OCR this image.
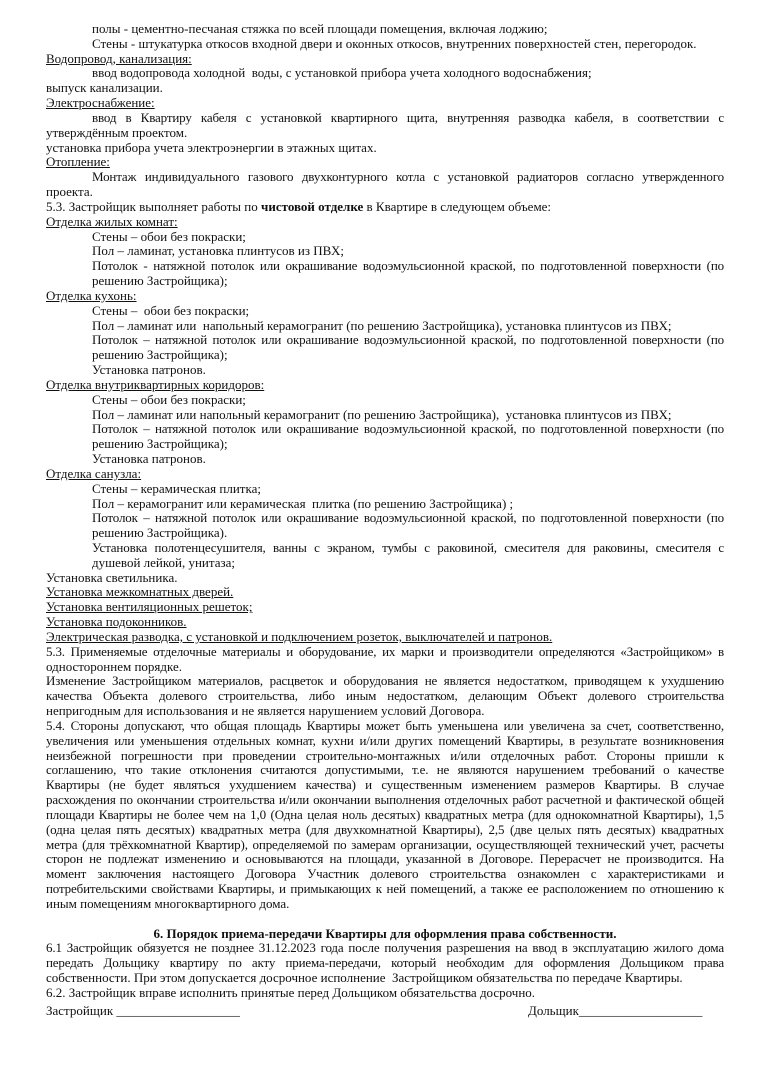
полы - цементно-песчаная стяжка по всей площади помещения, включая лоджию;
Стены - штукатурка откосов входной двери и оконных откосов, внутренних поверхностей стен, перегородок.
Водопровод, канализация:
ввод водопровода холодной  воды, с установкой прибора учета холодного водоснабжения;
выпуск канализации.
Электроснабжение:
ввод в Квартиру кабеля с установкой квартирного щита, внутренняя разводка кабеля, в соответствии с
утверждённым проектом.
установка прибора учета электроэнергии в этажных щитах.
Отопление:
Монтаж индивидуального газового двухконтурного котла с установкой радиаторов согласно утвержденного
проекта.
5.3. Застройщик выполняет работы по чистовой отделке в Квартире в следующем объеме:
Отделка жилых комнат:
Стены – обои без покраски;
Пол – ламинат, установка плинтусов из ПВХ;
Потолок - натяжной потолок или окрашивание водоэмульсионной краской, по подготовленной поверхности (по
решению Застройщика);
Отделка кухонь:
Стены –  обои без покраски;
Пол – ламинат или  напольный керамогранит (по решению Застройщика), установка плинтусов из ПВХ;
Потолок – натяжной потолок или окрашивание водоэмульсионной краской, по подготовленной поверхности (по
решению Застройщика);
Установка патронов.
Отделка внутриквартирных коридоров:
Стены – обои без покраски;
Пол – ламинат или напольный керамогранит (по решению Застройщика),  установка плинтусов из ПВХ;
Потолок – натяжной потолок или окрашивание водоэмульсионной краской, по подготовленной поверхности (по
решению Застройщика);
Установка патронов.
Отделка санузла:
Стены – керамическая плитка;
Пол – керамогранит или керамическая  плитка (по решению Застройщика) ;
Потолок – натяжной потолок или окрашивание водоэмульсионной краской, по подготовленной поверхности (по
решению Застройщика).
Установка полотенцесушителя, ванны с экраном, тумбы с раковиной, смесителя для раковины, смесителя с
душевой лейкой, унитаза;
Установка светильника.
Установка межкомнатных дверей.
Установка вентиляционных решеток;
Установка подоконников.
Электрическая разводка, с установкой и подключением розеток, выключателей и патронов.
5.3. Применяемые отделочные материалы и оборудование, их марки и производители определяются «Застройщиком» в
одностороннем порядке.
Изменение Застройщиком материалов, расцветок и оборудования не является недостатком, приводящем к ухудшению
качества Объекта долевого строительства, либо иным недостатком, делающим Объект долевого строительства
непригодным для использования и не является нарушением условий Договора.
5.4. Стороны допускают, что общая площадь Квартиры может быть уменьшена или увеличена за счет, соответственно,
увеличения или уменьшения отдельных комнат, кухни и/или других помещений Квартиры, в результате возникновения
неизбежной погрешности при проведении строительно-монтажных и/или отделочных работ. Стороны пришли к
соглашению, что такие отклонения считаются допустимыми, т.е. не являются нарушением требований о качестве
Квартиры (не будет являться ухудшением качества) и существенным изменением размеров Квартиры. В случае
расхождения по окончании строительства и/или окончании выполнения отделочных работ расчетной и фактической общей
площади Квартиры не более чем на 1,0 (Одна целая ноль десятых) квадратных метра (для однокомнатной Квартиры), 1,5
(одна целая пять десятых) квадратных метра (для двухкомнатной Квартиры), 2,5 (две целых пять десятых) квадратных
метра (для трёхкомнатной Квартир), определяемой по замерам организации, осуществляющей технический учет, расчеты
сторон не подлежат изменению и основываются на площади, указанной в Договоре. Перерасчет не производится. На
момент заключения настоящего Договора Участник долевого строительства ознакомлен с характеристиками и
потребительскими свойствами Квартиры, и примыкающих к ней помещений, а также ее расположением по отношению к
иным помещениям многоквартирного дома.
6. Порядок приема-передачи Квартиры для оформления права собственности.
6.1 Застройщик обязуется не позднее 31.12.2023 года после получения разрешения на ввод в эксплуатацию жилого дома
передать Дольщику квартиру по акту приема-передачи, который необходим для оформления Дольщиком права
собственности. При этом допускается досрочное исполнение  Застройщиком обязательства по передаче Квартиры.
6.2. Застройщик вправе исполнить принятые перед Дольщиком обязательства досрочно.
Застройщик ___________________	Дольщик___________________
